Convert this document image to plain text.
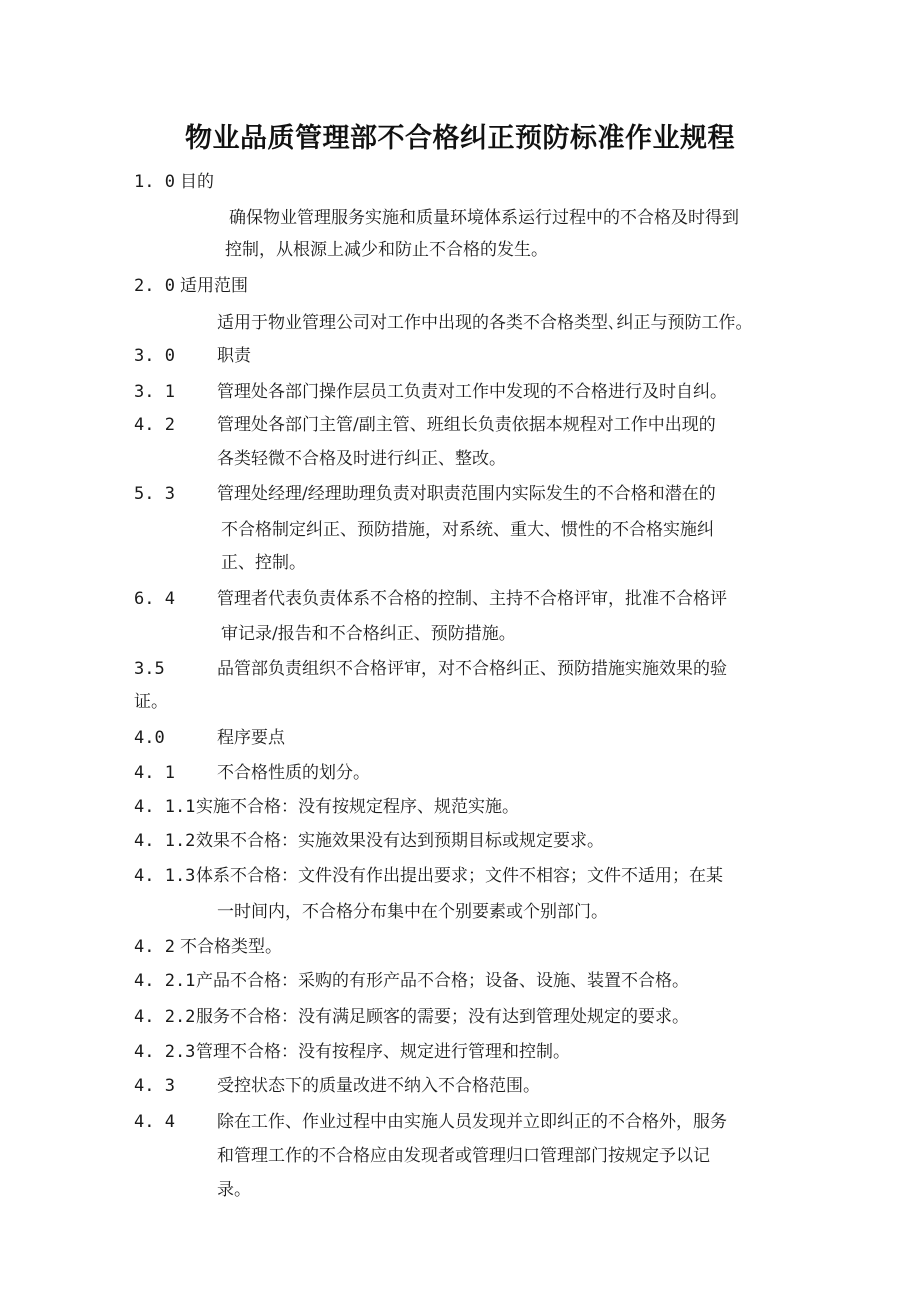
物业品质管理部不合格纠正预防标准作业规程
1. 0 目的
确保物业管理服务实施和质量环境体系运行过程中的不合格及时得到
控制，从根源上减少和防止不合格的发生。
2. 0 适用范围
适用于物业管理公司对工作中出现的各类不合格类型､纠正与预防工作。
3. 0 职责
3. 1 管理处各部门操作层员工负责对工作中发现的不合格进行及时自纠。
4. 2 管理处各部门主管/副主管、班组长负责依据本规程对工作中出现的
各类轻微不合格及时进行纠正、整改。
5. 3 管理处经理/经理助理负责对职责范围内实际发生的不合格和潜在的
不合格制定纠正、预防措施，对系统、重大、惯性的不合格实施纠
正、控制。
6. 4 管理者代表负责体系不合格的控制、主持不合格评审，批准不合格评
审记录/报告和不合格纠正、预防措施。
3.5	品管部负责组织不合格评审，对不合格纠正、预防措施实施效果的验
证。
4.0	程序要点
4. 1 不合格性质的划分。
4. 1.1 实施不合格：没有按规定程序、规范实施。
4. 1.2 效果不合格：实施效果没有达到预期目标或规定要求。
4. 1.3 体系不合格：文件没有作出提出要求；文件不相容；文件不适用；在某
一时间内，不合格分布集中在个别要素或个别部门。
4. 2 不合格类型。
4. 2.1 产品不合格：采购的有形产品不合格；设备、设施、装置不合格。
4. 2.2 服务不合格：没有满足顾客的需要；没有达到管理处规定的要求。
4. 2.3 管理不合格：没有按程序、规定进行管理和控制。
4. 3 受控状态下的质量改进不纳入不合格范围。
4. 4 除在工作、作业过程中由实施人员发现并立即纠正的不合格外，服务
和管理工作的不合格应由发现者或管理归口管理部门按规定予以记
录。
